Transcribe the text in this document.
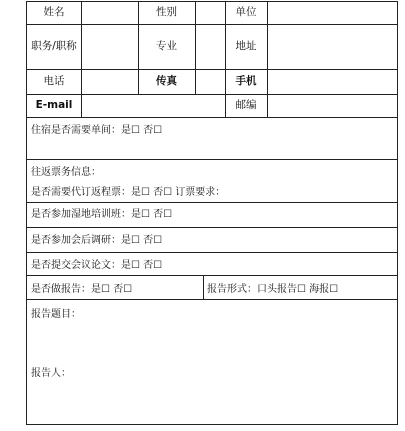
姓名	性别	单位
职务/职称	专业	地址
电话	传真	手机
E-mail	邮编
住宿是否需要单间：是☐ 否☐
往返票务信息：
是否需要代订返程票：是☐ 否☐ 订票要求：
是否参加湿地培训班：是☐ 否☐
是否参加会后调研：是☐ 否☐
是否提交会议论文：是☐ 否☐
是否做报告：是☐ 否☐	报告形式：口头报告☐ 海报☐
报告题目：
报告人：
